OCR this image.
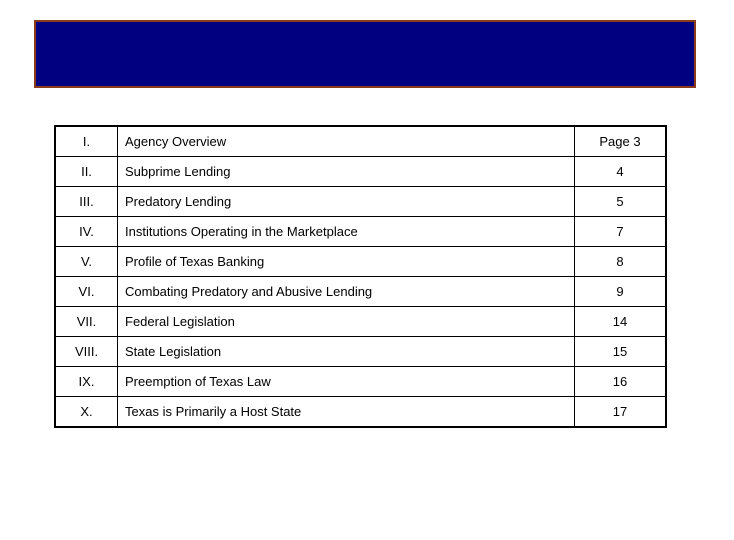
I.	Agency Overview	Page 3
II.	Subprime Lending	4
III.	Predatory Lending	5
IV.	Institutions Operating in the Marketplace	7
V.	Profile of Texas Banking	8
VI.	Combating Predatory and Abusive Lending	9
VII.	Federal Legislation	14
VIII.	State Legislation	15
IX.	Preemption of Texas Law	16
X.	Texas is Primarily a Host State	17
